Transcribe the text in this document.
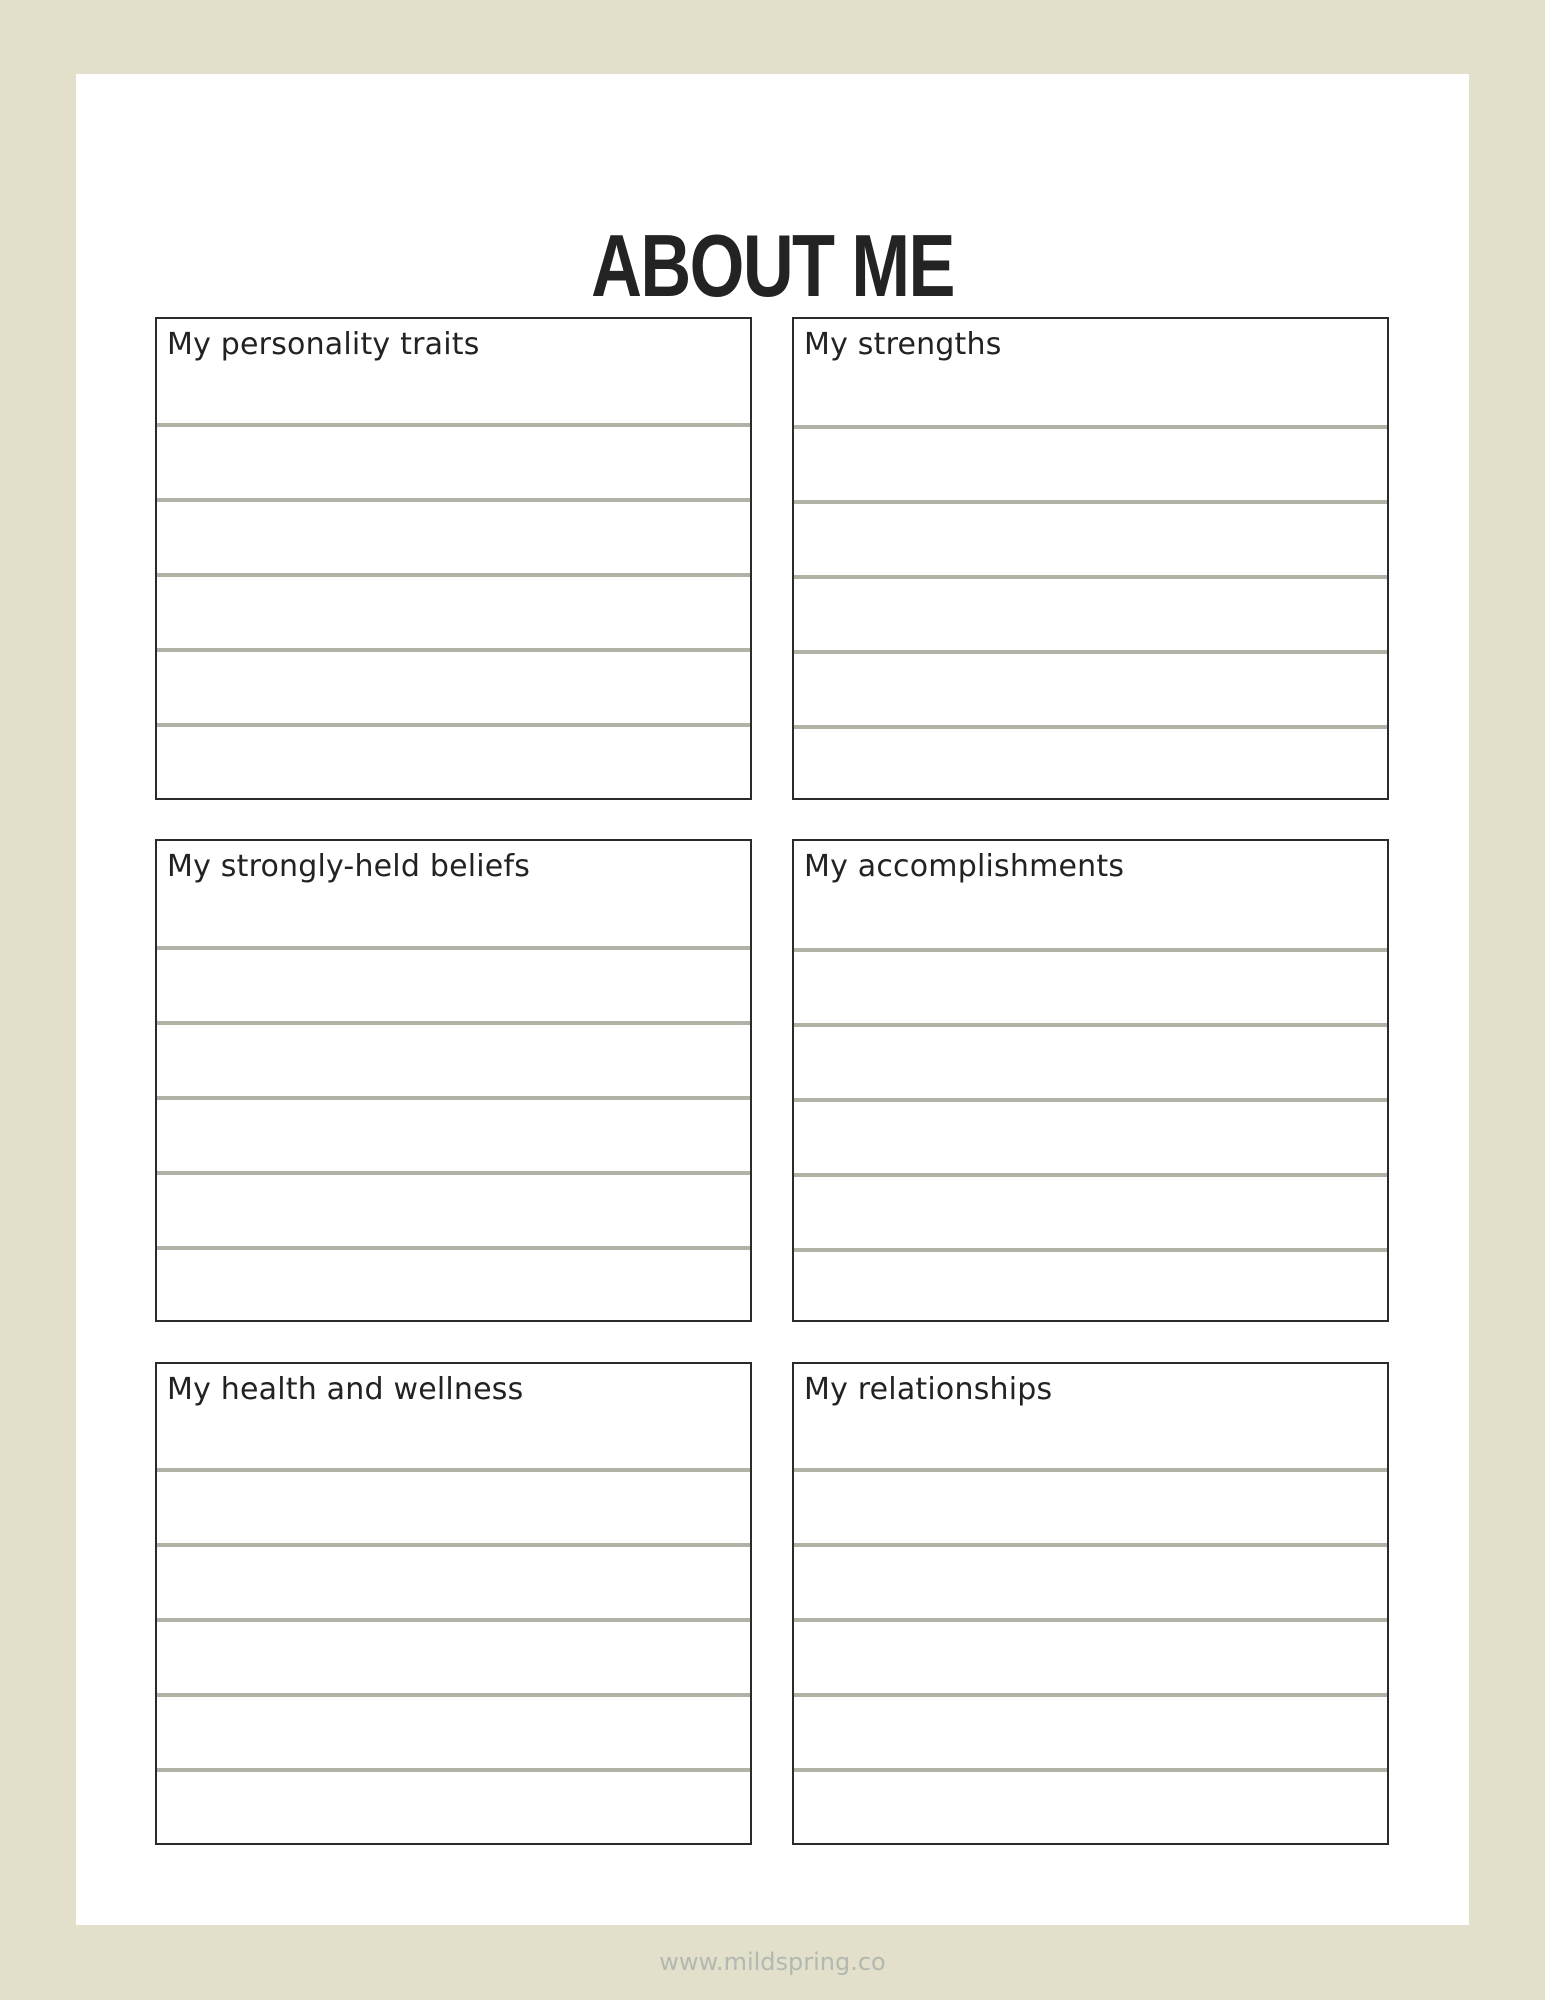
ABOUT ME
My personality traits	My strengths
My strongly-held beliefs	My accomplishments
My health and wellness	My relationships
www.mildspring.co
